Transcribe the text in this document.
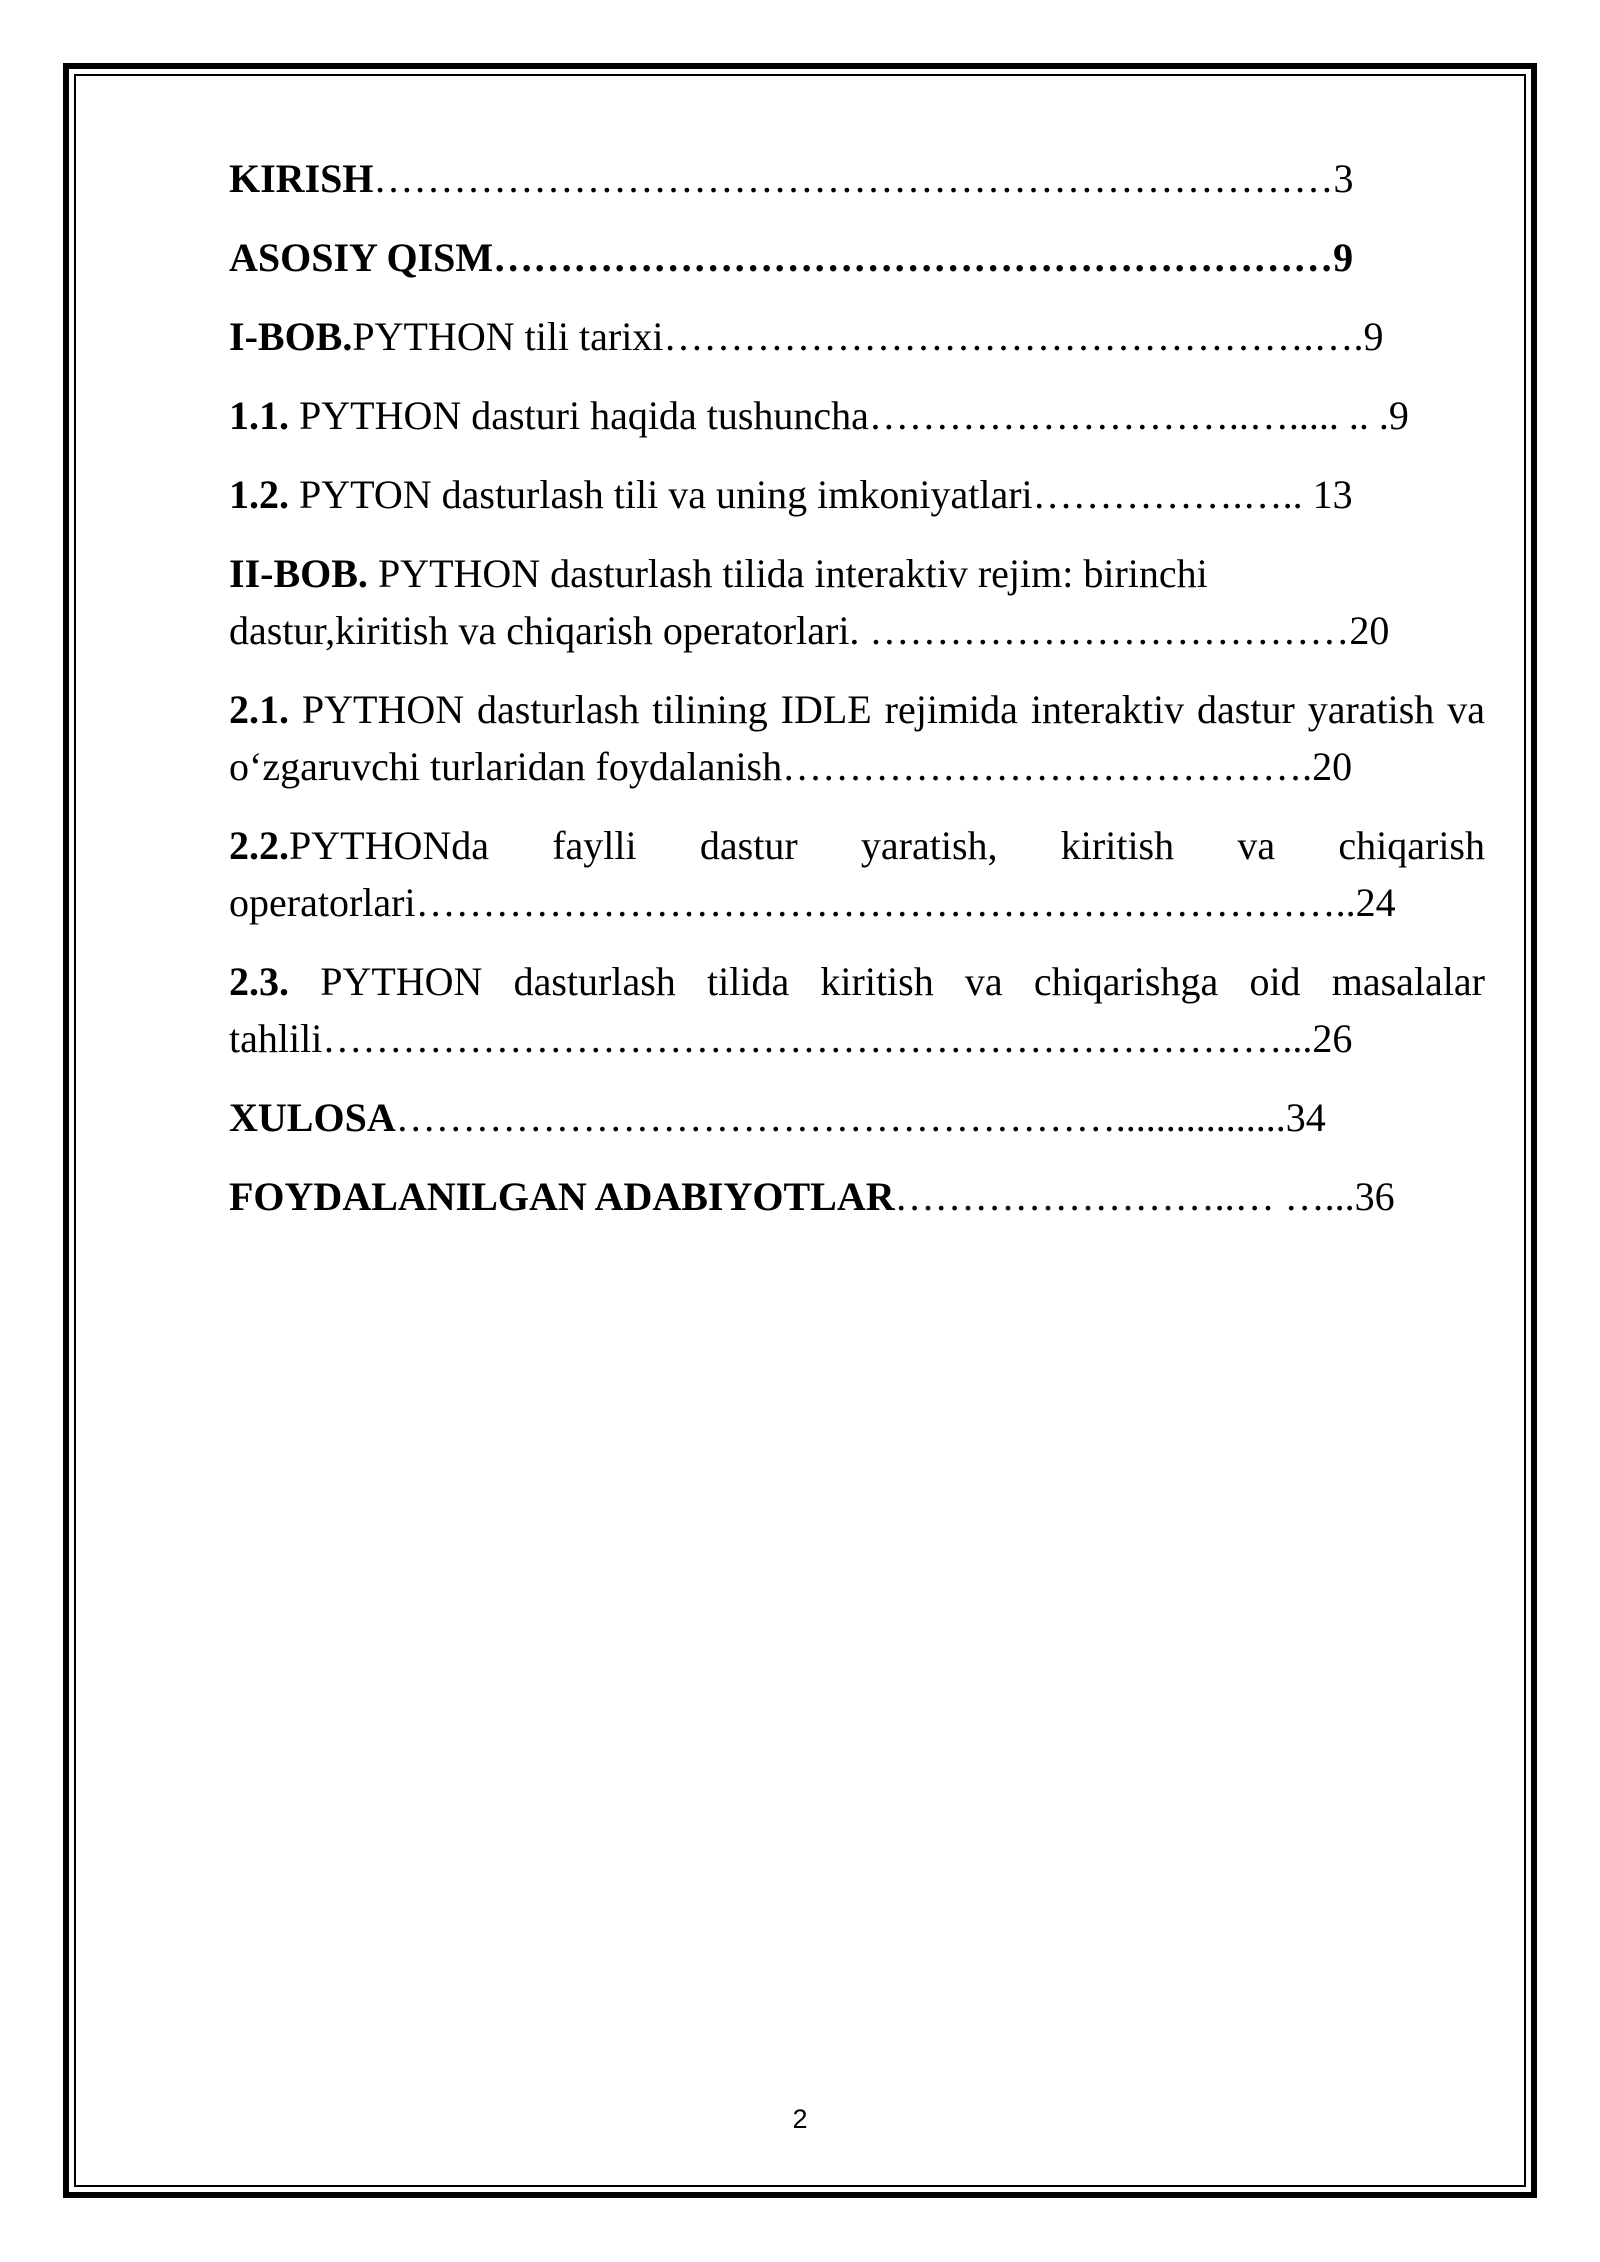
KIRISH………………………………………………………………3
ASOSIY QISM………………………………………………………9
I-BOB.PYTHON tili tarixi………………………………………….….9
1.1. PYTHON dasturi haqida tushuncha………………………..…..... .. .9
1.2. PYTON dasturlash tili va uning imkoniyatlari…………….….. 13
II-BOB. PYTHON dasturlash tilida interaktiv rejim: birinchi
dastur,kiritish va chiqarish operatorlari. ………………………………20
2.1. PYTHON dasturlash tilining IDLE rejimida interaktiv dastur yaratish va o‘zgaruvchi turlaridan foydalanish………………………………….20
2.2.PYTHONda faylli dastur yaratish, kiritish va chiqarish operatorlari……………………………………………………………..24
2.3. PYTHON dasturlash tilida kiritish va chiqarishga oid masalalar tahlili………………………………………………………………...26
XULOSA……………………………………………….................34
FOYDALANILGAN ADABIYOTLAR……………………..… …...36
2
